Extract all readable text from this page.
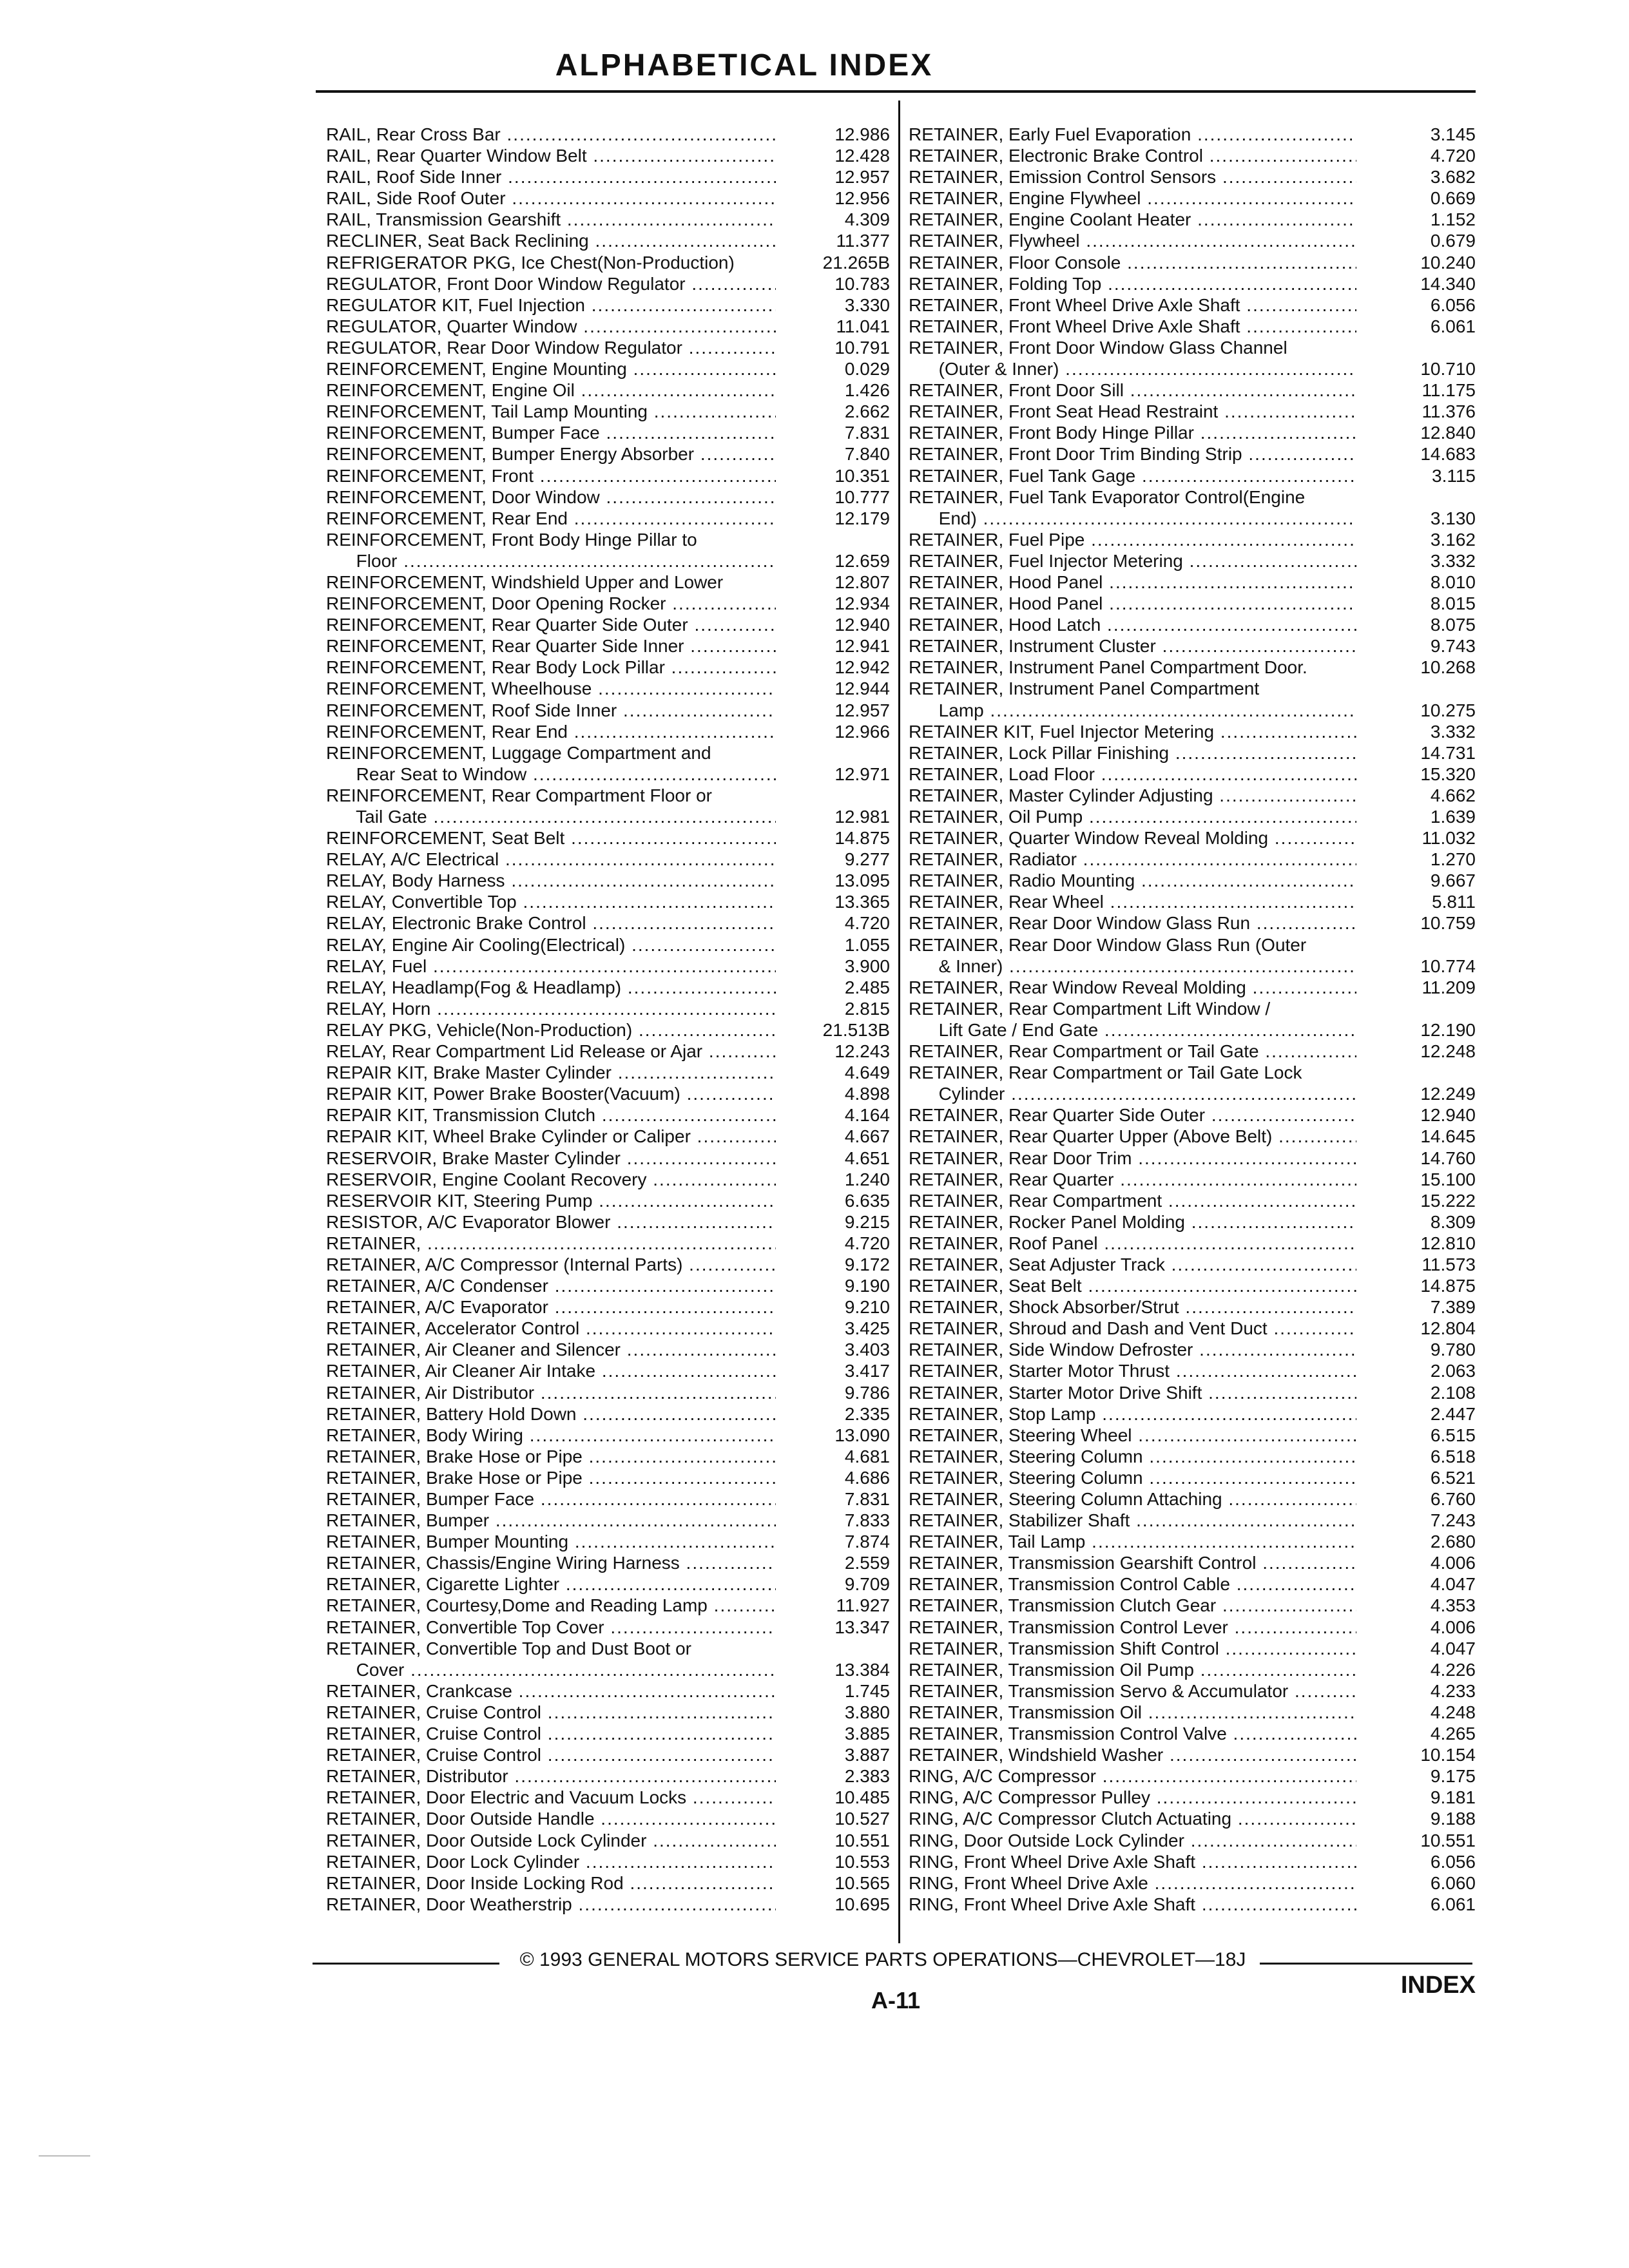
ALPHABETICAL INDEX
RAIL, Rear Cross Bar .....	12.986
RAIL, Rear Quarter Window Belt .....	12.428
RAIL, Roof Side Inner .....	12.957
RAIL, Side Roof Outer .....	12.956
RAIL, Transmission Gearshift .....	4.309
RECLINER, Seat Back Reclining .....	11.377
REFRIGERATOR PKG, Ice Chest(Non-Production)	21.265B
REGULATOR, Front Door Window Regulator .....	10.783
REGULATOR KIT, Fuel Injection .....	3.330
REGULATOR, Quarter Window .....	11.041
REGULATOR, Rear Door Window Regulator .....	10.791
REINFORCEMENT, Engine Mounting .....	0.029
REINFORCEMENT, Engine Oil .....	1.426
REINFORCEMENT, Tail Lamp Mounting .....	2.662
REINFORCEMENT, Bumper Face .....	7.831
REINFORCEMENT, Bumper Energy Absorber .....	7.840
REINFORCEMENT, Front .....	10.351
REINFORCEMENT, Door Window .....	10.777
REINFORCEMENT, Rear End .....	12.179
REINFORCEMENT, Front Body Hinge Pillar to
Floor .....	12.659
REINFORCEMENT, Windshield Upper and Lower	12.807
REINFORCEMENT, Door Opening Rocker .....	12.934
REINFORCEMENT, Rear Quarter Side Outer .....	12.940
REINFORCEMENT, Rear Quarter Side Inner .....	12.941
REINFORCEMENT, Rear Body Lock Pillar .....	12.942
REINFORCEMENT, Wheelhouse .....	12.944
REINFORCEMENT, Roof Side Inner .....	12.957
REINFORCEMENT, Rear End .....	12.966
REINFORCEMENT, Luggage Compartment and
Rear Seat to Window .....	12.971
REINFORCEMENT, Rear Compartment Floor or
Tail Gate .....	12.981
REINFORCEMENT, Seat Belt .....	14.875
RELAY, A/C Electrical .....	9.277
RELAY, Body Harness .....	13.095
RELAY, Convertible Top .....	13.365
RELAY, Electronic Brake Control .....	4.720
RELAY, Engine Air Cooling(Electrical) .....	1.055
RELAY, Fuel .....	3.900
RELAY, Headlamp(Fog & Headlamp) .....	2.485
RELAY, Horn .....	2.815
RELAY PKG, Vehicle(Non-Production) .....	21.513B
RELAY, Rear Compartment Lid Release or Ajar .....	12.243
REPAIR KIT, Brake Master Cylinder .....	4.649
REPAIR KIT, Power Brake Booster(Vacuum) .....	4.898
REPAIR KIT, Transmission Clutch .....	4.164
REPAIR KIT, Wheel Brake Cylinder or Caliper .....	4.667
RESERVOIR, Brake Master Cylinder .....	4.651
RESERVOIR, Engine Coolant Recovery .....	1.240
RESERVOIR KIT, Steering Pump .....	6.635
RESISTOR, A/C Evaporator Blower .....	9.215
RETAINER, .....	4.720
RETAINER, A/C Compressor (Internal Parts) .....	9.172
RETAINER, A/C Condenser .....	9.190
RETAINER, A/C Evaporator .....	9.210
RETAINER, Accelerator Control .....	3.425
RETAINER, Air Cleaner and Silencer .....	3.403
RETAINER, Air Cleaner Air Intake .....	3.417
RETAINER, Air Distributor .....	9.786
RETAINER, Battery Hold Down .....	2.335
RETAINER, Body Wiring .....	13.090
RETAINER, Brake Hose or Pipe .....	4.681
RETAINER, Brake Hose or Pipe .....	4.686
RETAINER, Bumper Face .....	7.831
RETAINER, Bumper .....	7.833
RETAINER, Bumper Mounting .....	7.874
RETAINER, Chassis/Engine Wiring Harness .....	2.559
RETAINER, Cigarette Lighter .....	9.709
RETAINER, Courtesy,Dome and Reading Lamp .....	11.927
RETAINER, Convertible Top Cover .....	13.347
RETAINER, Convertible Top and Dust Boot or
Cover .....	13.384
RETAINER, Crankcase .....	1.745
RETAINER, Cruise Control .....	3.880
RETAINER, Cruise Control .....	3.885
RETAINER, Cruise Control .....	3.887
RETAINER, Distributor .....	2.383
RETAINER, Door Electric and Vacuum Locks .....	10.485
RETAINER, Door Outside Handle .....	10.527
RETAINER, Door Outside Lock Cylinder .....	10.551
RETAINER, Door Lock Cylinder .....	10.553
RETAINER, Door Inside Locking Rod .....	10.565
RETAINER, Door Weatherstrip .....	10.695
RETAINER, Early Fuel Evaporation .....	3.145
RETAINER, Electronic Brake Control .....	4.720
RETAINER, Emission Control Sensors .....	3.682
RETAINER, Engine Flywheel .....	0.669
RETAINER, Engine Coolant Heater .....	1.152
RETAINER, Flywheel .....	0.679
RETAINER, Floor Console .....	10.240
RETAINER, Folding Top .....	14.340
RETAINER, Front Wheel Drive Axle Shaft .....	6.056
RETAINER, Front Wheel Drive Axle Shaft .....	6.061
RETAINER, Front Door Window Glass Channel
(Outer & Inner) .....	10.710
RETAINER, Front Door Sill .....	11.175
RETAINER, Front Seat Head Restraint .....	11.376
RETAINER, Front Body Hinge Pillar .....	12.840
RETAINER, Front Door Trim Binding Strip .....	14.683
RETAINER, Fuel Tank Gage .....	3.115
RETAINER, Fuel Tank Evaporator Control(Engine
End) .....	3.130
RETAINER, Fuel Pipe .....	3.162
RETAINER, Fuel Injector Metering .....	3.332
RETAINER, Hood Panel .....	8.010
RETAINER, Hood Panel .....	8.015
RETAINER, Hood Latch .....	8.075
RETAINER, Instrument Cluster .....	9.743
RETAINER, Instrument Panel Compartment Door.	10.268
RETAINER, Instrument Panel Compartment
Lamp .....	10.275
RETAINER KIT, Fuel Injector Metering .....	3.332
RETAINER, Lock Pillar Finishing .....	14.731
RETAINER, Load Floor .....	15.320
RETAINER, Master Cylinder Adjusting .....	4.662
RETAINER, Oil Pump .....	1.639
RETAINER, Quarter Window Reveal Molding .....	11.032
RETAINER, Radiator .....	1.270
RETAINER, Radio Mounting .....	9.667
RETAINER, Rear Wheel .....	5.811
RETAINER, Rear Door Window Glass Run .....	10.759
RETAINER, Rear Door Window Glass Run (Outer
& Inner) .....	10.774
RETAINER, Rear Window Reveal Molding .....	11.209
RETAINER, Rear Compartment Lift Window /
Lift Gate / End Gate .....	12.190
RETAINER, Rear Compartment or Tail Gate .....	12.248
RETAINER, Rear Compartment or Tail Gate Lock
Cylinder .....	12.249
RETAINER, Rear Quarter Side Outer .....	12.940
RETAINER, Rear Quarter Upper (Above Belt) .....	14.645
RETAINER, Rear Door Trim .....	14.760
RETAINER, Rear Quarter .....	15.100
RETAINER, Rear Compartment .....	15.222
RETAINER, Rocker Panel Molding .....	8.309
RETAINER, Roof Panel .....	12.810
RETAINER, Seat Adjuster Track .....	11.573
RETAINER, Seat Belt .....	14.875
RETAINER, Shock Absorber/Strut .....	7.389
RETAINER, Shroud and Dash and Vent Duct .....	12.804
RETAINER, Side Window Defroster .....	9.780
RETAINER, Starter Motor Thrust .....	2.063
RETAINER, Starter Motor Drive Shift .....	2.108
RETAINER, Stop Lamp .....	2.447
RETAINER, Steering Wheel .....	6.515
RETAINER, Steering Column .....	6.518
RETAINER, Steering Column .....	6.521
RETAINER, Steering Column Attaching .....	6.760
RETAINER, Stabilizer Shaft .....	7.243
RETAINER, Tail Lamp .....	2.680
RETAINER, Transmission Gearshift Control .....	4.006
RETAINER, Transmission Control Cable .....	4.047
RETAINER, Transmission Clutch Gear .....	4.353
RETAINER, Transmission Control Lever .....	4.006
RETAINER, Transmission Shift Control .....	4.047
RETAINER, Transmission Oil Pump .....	4.226
RETAINER, Transmission Servo & Accumulator .....	4.233
RETAINER, Transmission Oil .....	4.248
RETAINER, Transmission Control Valve .....	4.265
RETAINER, Windshield Washer .....	10.154
RING, A/C Compressor .....	9.175
RING, A/C Compressor Pulley .....	9.181
RING, A/C Compressor Clutch Actuating .....	9.188
RING, Door Outside Lock Cylinder .....	10.551
RING, Front Wheel Drive Axle Shaft .....	6.056
RING, Front Wheel Drive Axle .....	6.060
RING, Front Wheel Drive Axle Shaft .....	6.061
© 1993 GENERAL MOTORS SERVICE PARTS OPERATIONS—CHEVROLET—18J
A-11
INDEX
